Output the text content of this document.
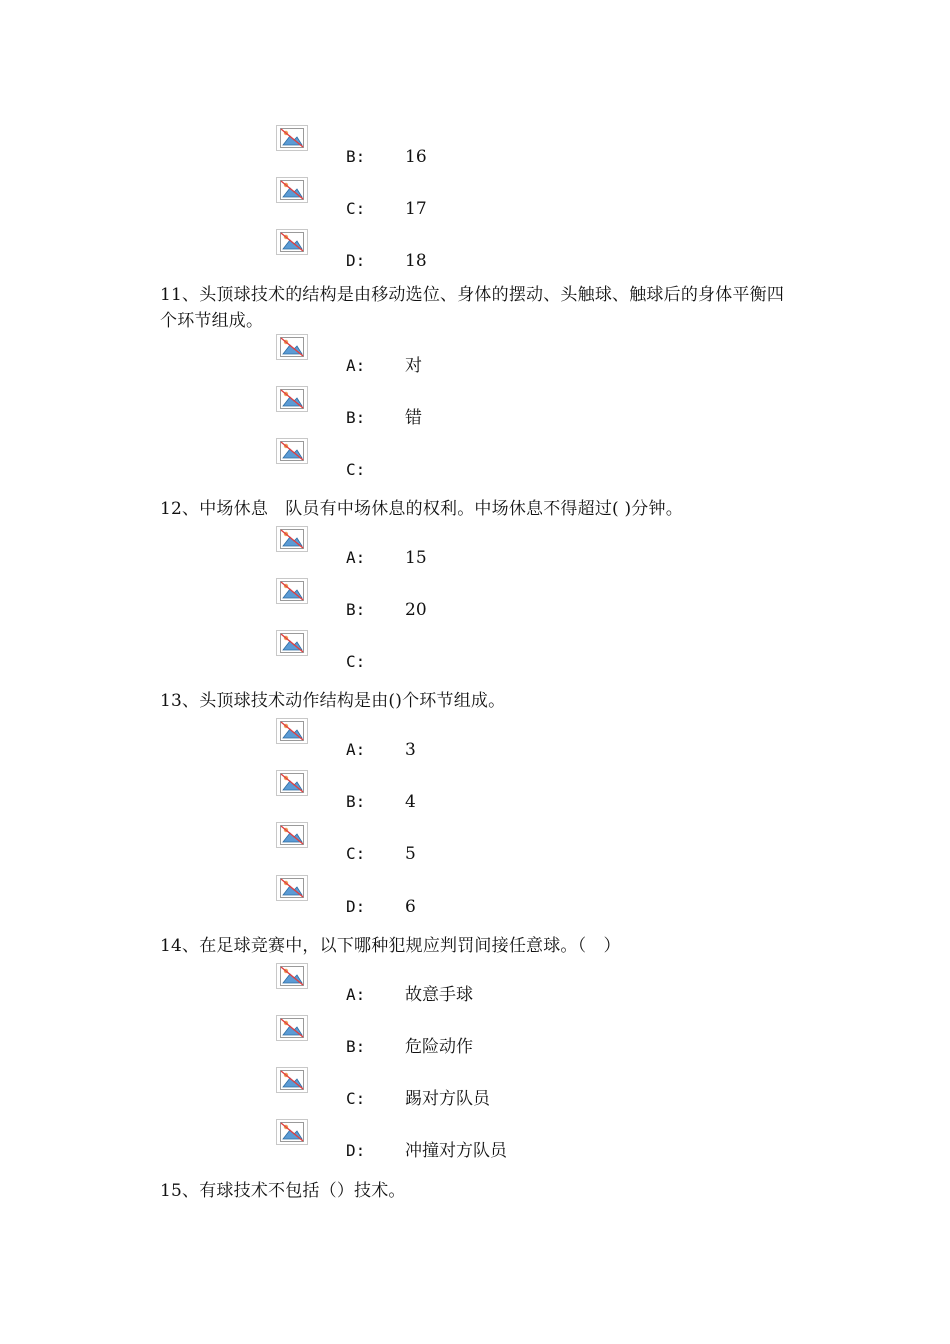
B: 16
C: 17
D: 18
11、头顶球技术的结构是由移动选位、身体的摆动、头触球、触球后的身体平衡四个环节组成。
A: 对
B: 错
C:
12、中场休息　队员有中场休息的权利。中场休息不得超过( )分钟。
A: 15
B: 20
C:
13、头顶球技术动作结构是由()个环节组成。
A: 3
B: 4
C: 5
D: 6
14、在足球竞赛中，以下哪种犯规应判罚间接任意球。（　）
A: 故意手球
B: 危险动作
C: 踢对方队员
D: 冲撞对方队员
15、有球技术不包括（）技术。
